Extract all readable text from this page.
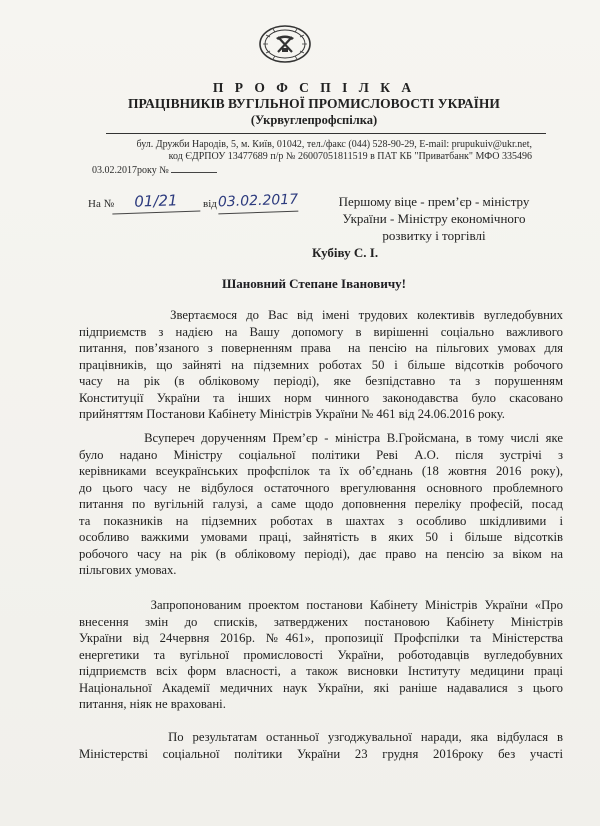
П Р О Ф С П І Л К А
ПРАЦІВНИКІВ ВУГІЛЬНОЇ ПРОМИСЛОВОСТІ УКРАЇНИ
(Укрвуглепрофспілка)
бул. Дружби Народів, 5, м. Київ, 01042, тел./факс (044) 528-90-29, E-mail: prupukuiv@ukr.net,
код ЄДРПОУ 13477689 п/р № 26007051811519 в ПАТ КБ "Приватбанк" МФО 335496
03.02.2017року №
На №	01/21	від 03.02.2017	Першому віце - прем’єр - міністру
України - Міністру економічного
розвитку і торгівлі
Кубіву С. І.
Шановний Степане Івановичу!
Звертаємося до Вас від імені трудових колективів вугледобувних
підприємств з надією на Вашу допомогу в вирішенні соціально важливого
питання, пов’язаного з поверненням права  на пенсію на пільгових умовах для
працівників, що зайняті на підземних роботах 50 і більше відсотків робочого
часу на рік (в обліковому періоді), яке безпідставно та з порушенням
Конституції України та інших норм чинного законодавства було скасовано
прийняттям Постанови Кабінету Міністрів України № 461 від 24.06.2016 року.
Всупереч дорученням Прем’єр - міністра В.Гройсмана, в тому числі яке
було надано Міністру соціальної політики Реві А.О. після зустрічі з
керівниками всеукраїнських профспілок та їх об’єднань (18 жовтня 2016 року),
до цього часу не відбулося остаточного врегулювання основного проблемного
питання по вугільній галузі, а саме щодо доповнення переліку професій, посад
та показників на підземних роботах в шахтах з особливо шкідливими і
особливо важкими умовами праці, зайнятість в яких 50 і більше відсотків
робочого часу на рік (в обліковому періоді), дає право на пенсію за віком на
пільгових умовах.
Запропонованим проектом постанови Кабінету Міністрів України «Про
внесення змін до списків, затверджених постановою Кабінету Міністрів
України від 24червня 2016р. №461», пропозиції Профспілки та Міністерства
енергетики та вугільної промисловості України, роботодавців вугледобувних
підприємств всіх форм власності, а також висновки Інституту медицини праці
Національної Академії медичних наук України, які раніше надавалися з цього
питання, ніяк не враховані.
По результатам останньої узгоджувальної наради, яка відбулася в
Міністерстві соціальної політики України 23 грудня 2016року без участі
